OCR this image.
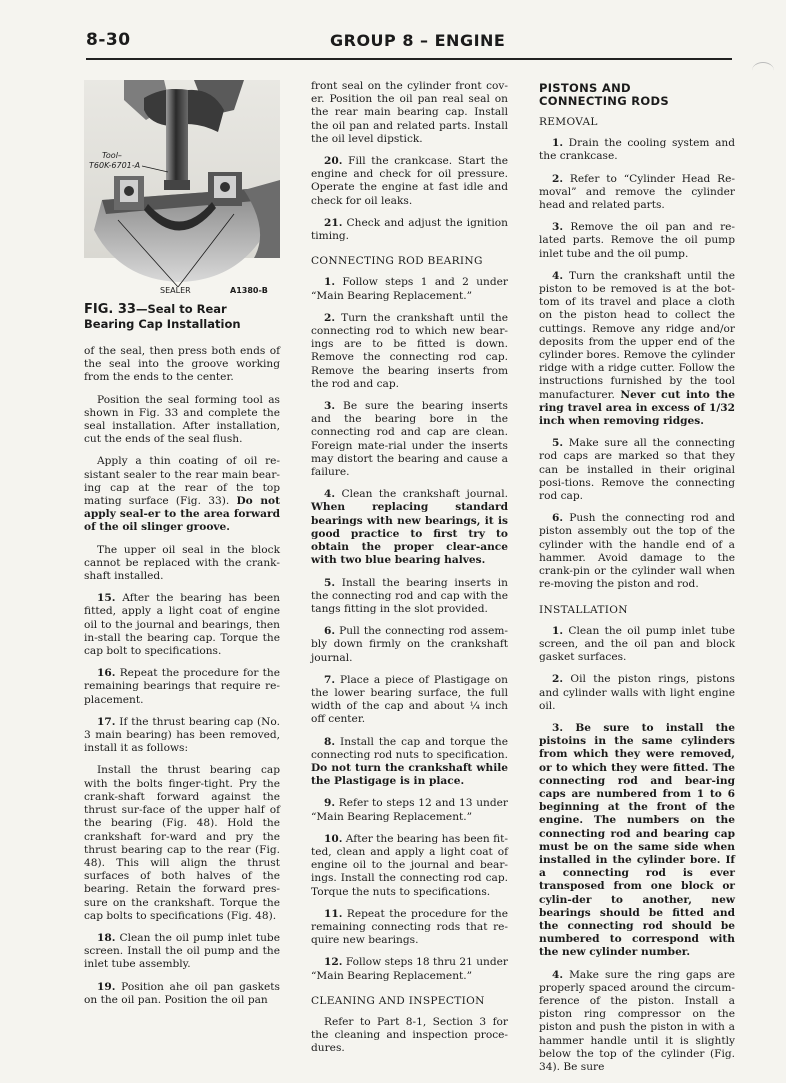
8-30	GROUP 8 – ENGINE
Tool–
T60K-6701-A
SEALER	A1380-B
FIG. 33—Seal to Rear Bearing Cap Installation

of the seal, then press both ends of the seal into the groove working from the ends to the center.

Position the seal forming tool as shown in Fig. 33 and complete the seal installation. After installation, cut the ends of the seal flush.

Apply a thin coating of oil re-sistant sealer to the rear main bear-ing cap at the rear of the top mating surface (Fig. 33). Do not apply seal-er to the area forward of the oil slinger groove.

The upper oil seal in the block cannot be replaced with the crank-shaft installed.

15. After the bearing has been fitted, apply a light coat of engine oil to the journal and bearings, then in-stall the bearing cap. Torque the cap bolt to specifications.

16. Repeat the procedure for the remaining bearings that require re-placement.

17. If the thrust bearing cap (No. 3 main bearing) has been removed, install it as follows:

Install the thrust bearing cap with the bolts finger-tight. Pry the crank-shaft forward against the thrust sur-face of the upper half of the bearing (Fig. 48). Hold the crankshaft for-ward and pry the thrust bearing cap to the rear (Fig. 48). This will align the thrust surfaces of both halves of the bearing. Retain the forward pres-sure on the crankshaft. Torque the cap bolts to specifications (Fig. 48).

18. Clean the oil pump inlet tube screen. Install the oil pump and the inlet tube assembly.

19. Position ahe oil pan gaskets on the oil pan. Position the oil pan

front seal on the cylinder front cov-er. Position the oil pan real seal on the rear main bearing cap. Install the oil pan and related parts. Install the oil level dipstick.

20. Fill the crankcase. Start the engine and check for oil pressure. Operate the engine at fast idle and check for oil leaks.

21. Check and adjust the ignition timing.

CONNECTING ROD BEARING

1. Follow steps 1 and 2 under “Main Bearing Replacement.”

2. Turn the crankshaft until the connecting rod to which new bear-ings are to be fitted is down. Remove the connecting rod cap. Remove the bearing inserts from the rod and cap.

3. Be sure the bearing inserts and the bearing bore in the connecting rod and cap are clean. Foreign mate-rial under the inserts may distort the bearing and cause a failure.

4. Clean the crankshaft journal. When replacing standard bearings with new bearings, it is good practice to first try to obtain the proper clear-ance with two blue bearing halves.

5. Install the bearing inserts in the connecting rod and cap with the tangs fitting in the slot provided.

6. Pull the connecting rod assem-bly down firmly on the crankshaft journal.

7. Place a piece of Plastigage on the lower bearing surface, the full width of the cap and about ¼ inch off center.

8. Install the cap and torque the connecting rod nuts to specification. Do not turn the crankshaft while the Plastigage is in place.

9. Refer to steps 12 and 13 under “Main Bearing Replacement.”

10. After the bearing has been fit-ted, clean and apply a light coat of engine oil to the journal and bear-ings. Install the connecting rod cap. Torque the nuts to specifications.

11. Repeat the procedure for the remaining connecting rods that re-quire new bearings.

12. Follow steps 18 thru 21 under “Main Bearing Replacement.”

CLEANING AND INSPECTION

Refer to Part 8-1, Section 3 for the cleaning and inspection proce-dures.

PISTONS AND
CONNECTING RODS
REMOVAL

1. Drain the cooling system and the crankcase.

2. Refer to “Cylinder Head Re-moval” and remove the cylinder head and related parts.

3. Remove the oil pan and re-lated parts. Remove the oil pump inlet tube and the oil pump.

4. Turn the crankshaft until the piston to be removed is at the bot-tom of its travel and place a cloth on the piston head to collect the cuttings. Remove any ridge and/or deposits from the upper end of the cylinder bores. Remove the cylinder ridge with a ridge cutter. Follow the instructions furnished by the tool manufacturer. Never cut into the ring travel area in excess of 1/32 inch when removing ridges.

5. Make sure all the connecting rod caps are marked so that they can be installed in their original posi-tions. Remove the connecting rod cap.

6. Push the connecting rod and piston assembly out the top of the cylinder with the handle end of a hammer. Avoid damage to the crank-pin or the cylinder wall when re-moving the piston and rod.

INSTALLATION

1. Clean the oil pump inlet tube screen, and the oil pan and block gasket surfaces.

2. Oil the piston rings, pistons and cylinder walls with light engine oil.

3. Be sure to install the pistoins in the same cylinders from which they were removed, or to which they were fitted. The connecting rod and bear-ing caps are numbered from 1 to 6 beginning at the front of the engine. The numbers on the connecting rod and bearing cap must be on the same side when installed in the cylinder bore. If a connecting rod is ever transposed from one block or cylin-der to another, new bearings should be fitted and the connecting rod should be numbered to correspond with the new cylinder number.

4. Make sure the ring gaps are properly spaced around the circum-ference of the piston. Install a piston ring compressor on the piston and push the piston in with a hammer handle until it is slightly below the top of the cylinder (Fig. 34). Be sure
